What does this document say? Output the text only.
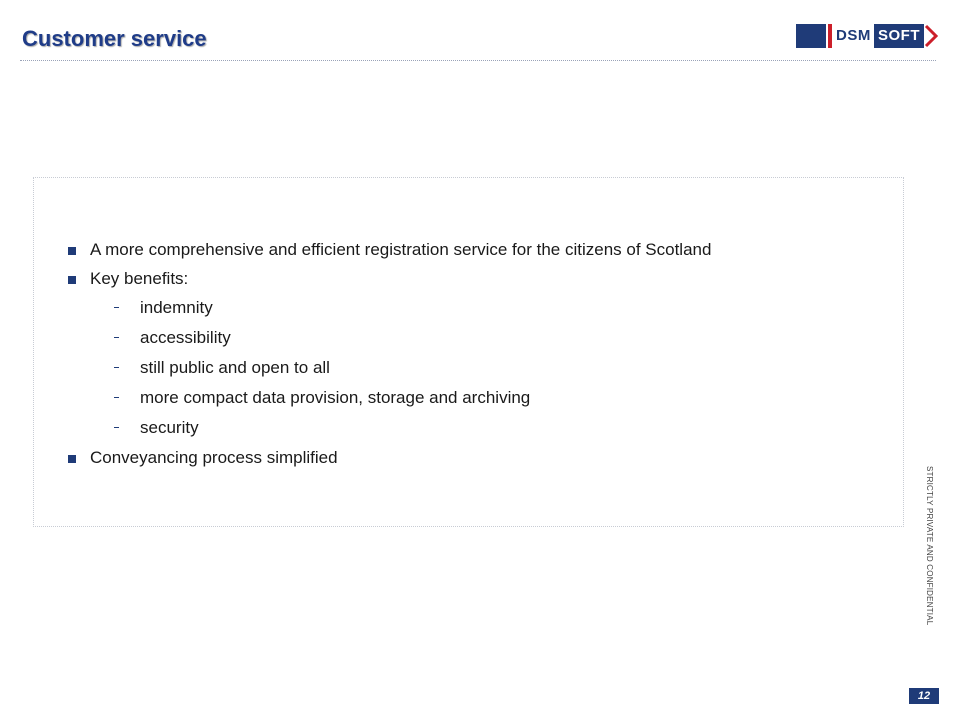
Customer service	DSM SOFT
A more comprehensive and efficient registration service for the citizens of Scotland
Key benefits:
indemnity
accessibility
still public and open to all
more compact data provision, storage and archiving
security
Conveyancing process simplified
STRICTLY PRIVATE AND CONFIDENTIAL
12
